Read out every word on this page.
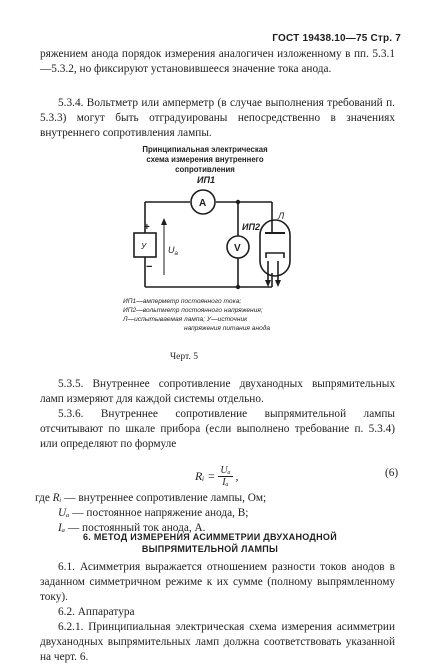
ГОСТ 19438.10—75 Стр. 7
ряжением анода порядок измерения аналогичен изложенному в пп. 5.3.1—5.3.2, но фиксируют установившееся значение тока анода.
5.3.4. Вольтметр или амперметр (в случае выполнения требований п. 5.3.3) могут быть отградуированы непосредственно в значениях внутреннего сопротивления лампы.
Принципиальная электрическая
схема измерения внутреннего
сопротивления
ИП1
A
ИП2
V
Л
У
+
−
$U_a$
ИП1—амперметр постоянного тока;
ИП2—вольтметр постоянного напряжения;
Л—испытываемая лампа; У—источник
напряжения питания анода
Черт. 5
5.3.5. Внутреннее сопротивление двуханодных выпрямительных ламп измеряют для каждой системы отдельно.
5.3.6. Внутреннее сопротивление выпрямительной лампы отсчитывают по шкале прибора (если выполнено требование п. 5.3.4) или определяют по формуле
Rᵢ = $\frac{\text{Uₐ}}{\text{Iₐ}}$ ,	(6)
где Rᵢ — внутреннее сопротивление лампы, Ом;
Uₐ — постоянное напряжение анода, В;
Iₐ — постоянный ток анода, А.
6. МЕТОД ИЗМЕРЕНИЯ АСИММЕТРИИ ДВУХАНОДНОЙ
ВЫПРЯМИТЕЛЬНОЙ ЛАМПЫ
6.1. Асимметрия выражается отношением разности токов анодов в заданном симметричном режиме к их сумме (полному выпрямленному току).
6.2. Аппаратура
6.2.1. Принципиальная электрическая схема измерения асимметрии двуханодных выпрямительных ламп должна соответствовать указанной на черт. 6.
